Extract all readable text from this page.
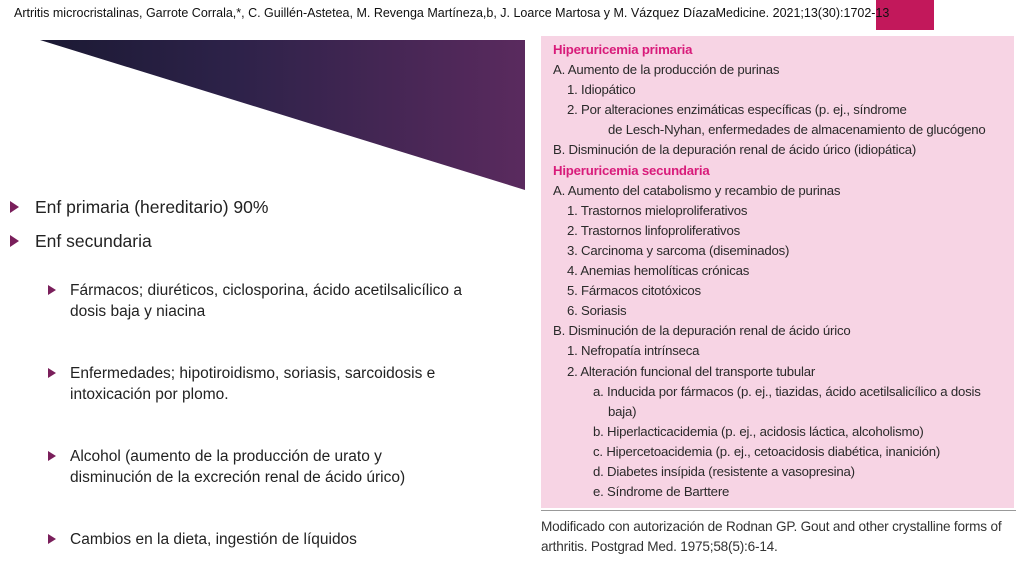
Artritis microcristalinas, Garrote Corrala,*, C. Guillén-Astetea, M. Revenga Martíneza,b, J. Loarce Martosa y M. Vázquez DíazaMedicine. 2021;13(30):1702-13
Enf primaria (hereditario) 90%
Enf secundaria
Fármacos; diuréticos, ciclosporina, ácido acetilsalicílico a dosis baja y niacina
Enfermedades; hipotiroidismo, soriasis, sarcoidosis e intoxicación por plomo.
Alcohol (aumento de la producción de urato y disminución de la excreción renal de ácido úrico)
Cambios en la dieta, ingestión de líquidos
Hiperuricemia primaria
A. Aumento de la producción de purinas
1. Idiopático
2. Por alteraciones enzimáticas específicas (p. ej., síndrome
de Lesch-Nyhan, enfermedades de almacenamiento de glucógeno
B. Disminución de la depuración renal de ácido úrico (idiopática)
Hiperuricemia secundaria
A. Aumento del catabolismo y recambio de purinas
1. Trastornos mieloproliferativos
2. Trastornos linfoproliferativos
3. Carcinoma y sarcoma (diseminados)
4. Anemias hemolíticas crónicas
5. Fármacos citotóxicos
6. Soriasis
B. Disminución de la depuración renal de ácido úrico
1. Nefropatía intrínseca
2. Alteración funcional del transporte tubular
a. Inducida por fármacos (p. ej., tiazidas, ácido acetilsalicílico a dosis
baja)
b. Hiperlacticacidemia (p. ej., acidosis láctica, alcoholismo)
c. Hipercetoacidemia (p. ej., cetoacidosis diabética, inanición)
d. Diabetes insípida (resistente a vasopresina)
e. Síndrome de Barttere
Modificado con autorización de Rodnan GP. Gout and other crystalline forms of arthritis. Postgrad Med. 1975;58(5):6-14.
